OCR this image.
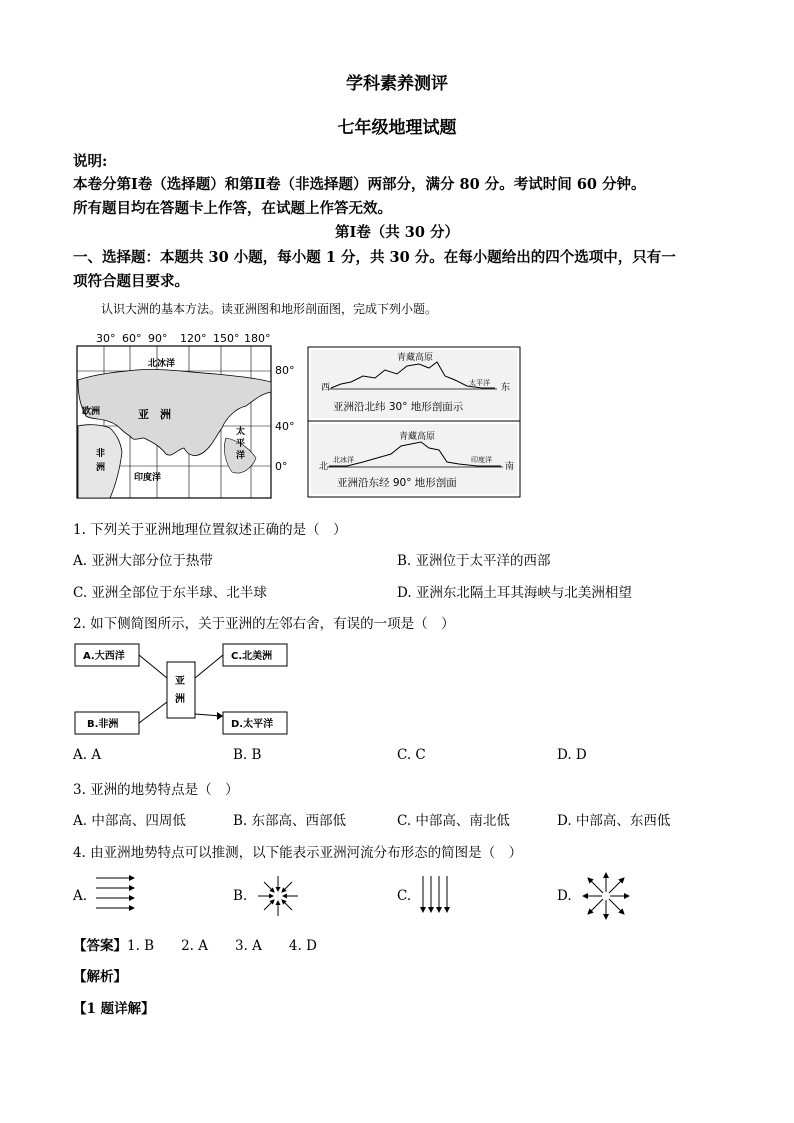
学科素养测评
七年级地理试题
说明:
本卷分第Ⅰ卷（选择题）和第Ⅱ卷（非选择题）两部分，满分 80 分。考试时间 60 分钟。
所有题目均在答题卡上作答，在试题上作答无效。
第Ⅰ卷（共 30 分）
一、选择题：本题共 30 小题，每小题 1 分，共 30 分。在每小题给出的四个选项中，只有一
项符合题目要求。
认识大洲的基本方法。读亚洲图和地形剖面图，完成下列小题。
30° 60° 90° 120° 150° 180°
80°
40°
0°
北冰洋
亚　洲
欧洲
非
洲
印度洋
太
平
洋
青藏高原
西	东
太平洋
青藏高原
北	南
北冰洋	印度洋
亚洲沿北纬 30° 地形剖面示
亚洲沿东经 90° 地形剖面
1. 下列关于亚洲地理位置叙述正确的是（　）
A. 亚洲大部分位于热带	B. 亚洲位于太平洋的西部
C. 亚洲全部位于东半球、北半球	D. 亚洲东北隔土耳其海峡与北美洲相望
2. 如下侧简图所示，关于亚洲的左邻右舍，有误的一项是（　）
A.大西洋
B.非洲
C.北美洲
D.太平洋
亚
洲
A. A	B. B	C. C	D. D
3. 亚洲的地势特点是（　）
A. 中部高、四周低	B. 东部高、西部低	C. 中部高、南北低	D. 中部高、东西低
4. 由亚洲地势特点可以推测，以下能表示亚洲河流分布形态的简图是（　）
A.	B.	C.	D.
【答案】1. B　　2. A　　3. A　　4. D
【解析】
【1 题详解】
